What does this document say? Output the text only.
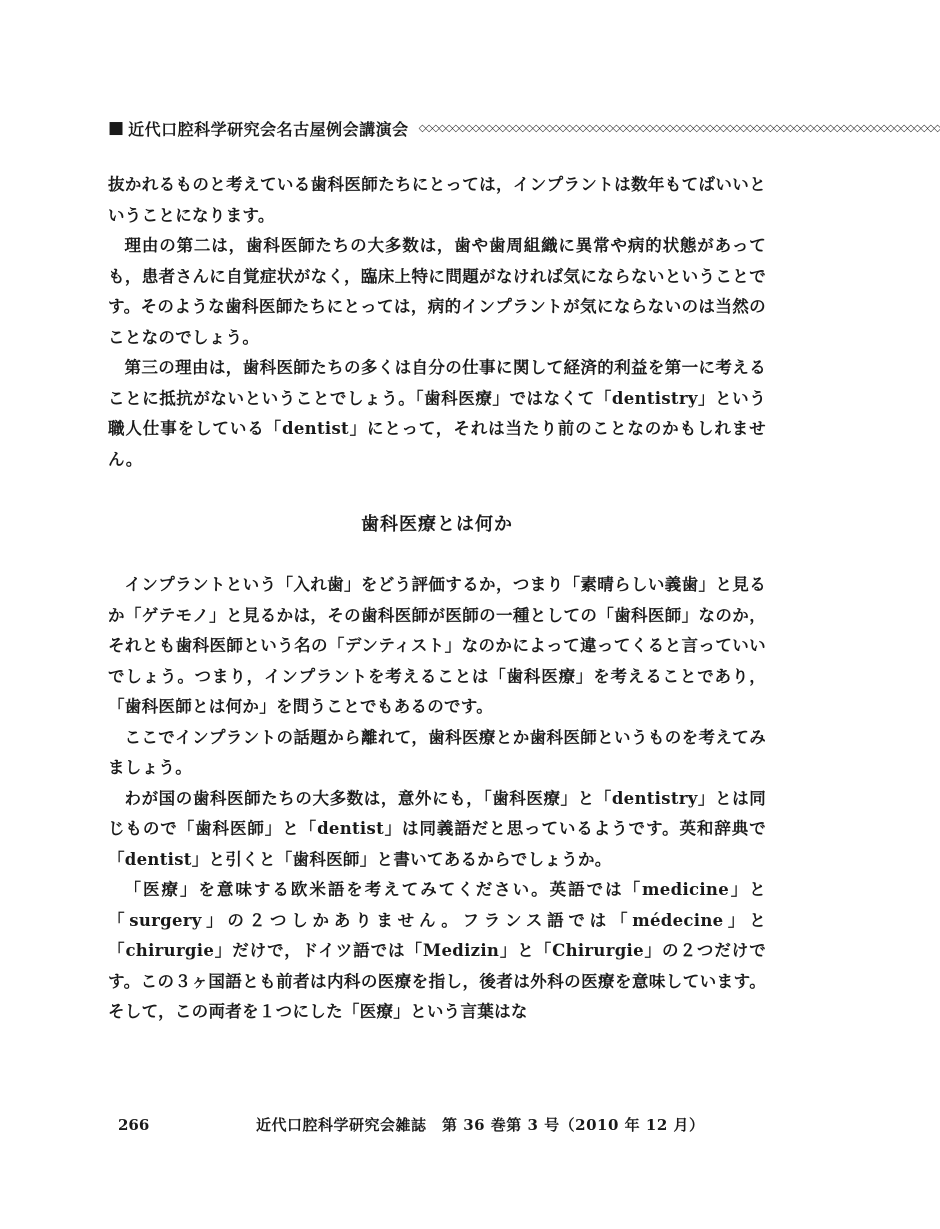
■ 近代口腔科学研究会名古屋例会講演会 ◇◇◇◇◇◇◇◇◇◇◇◇◇◇◇◇◇◇◇◇◇◇◇◇◇◇◇◇◇◇◇◇◇◇◇◇◇◇◇◇◇◇◇◇◇◇◇◇◇◇◇◇◇◇◇◇◇◇◇◇◇◇◇◇◇◇◇◇◇◇◇◇◇◇◇◇◇◇

抜かれるものと考えている歯科医師たちにとっては，インプラントは数年もてばいいということになります。

理由の第二は，歯科医師たちの大多数は，歯や歯周組織に異常や病的状態があっても，患者さんに自覚症状がなく，臨床上特に問題がなければ気にならないということです。そのような歯科医師たちにとっては，病的インプラントが気にならないのは当然のことなのでしょう。

第三の理由は，歯科医師たちの多くは自分の仕事に関して経済的利益を第一に考えることに抵抗がないということでしょう。「歯科医療」ではなくて「dentistry」という職人仕事をしている「dentist」にとって，それは当たり前のことなのかもしれません。

歯科医療とは何か

インプラントという「入れ歯」をどう評価するか，つまり「素晴らしい義歯」と見るか「ゲテモノ」と見るかは，その歯科医師が医師の一種としての「歯科医師」なのか，それとも歯科医師という名の「デンティスト」なのかによって違ってくると言っていいでしょう。つまり，インプラントを考えることは「歯科医療」を考えることであり，「歯科医師とは何か」を問うことでもあるのです。

ここでインプラントの話題から離れて，歯科医療とか歯科医師というものを考えてみましょう。

わが国の歯科医師たちの大多数は，意外にも，「歯科医療」と「dentistry」とは同じもので「歯科医師」と「dentist」は同義語だと思っているようです。英和辞典で「dentist」と引くと「歯科医師」と書いてあるからでしょうか。

「医療」を意味する欧米語を考えてみてください。英語では「medicine」と「surgery」の２つしかありません。フランス語では「médecine」と「chirurgie」だけで，ドイツ語では「Medizin」と「Chirurgie」の２つだけです。この３ヶ国語とも前者は内科の医療を指し，後者は外科の医療を意味しています。そして，この両者を１つにした「医療」という言葉はな

266	近代口腔科学研究会雑誌　第 36 巻第 3 号（2010 年 12 月）
